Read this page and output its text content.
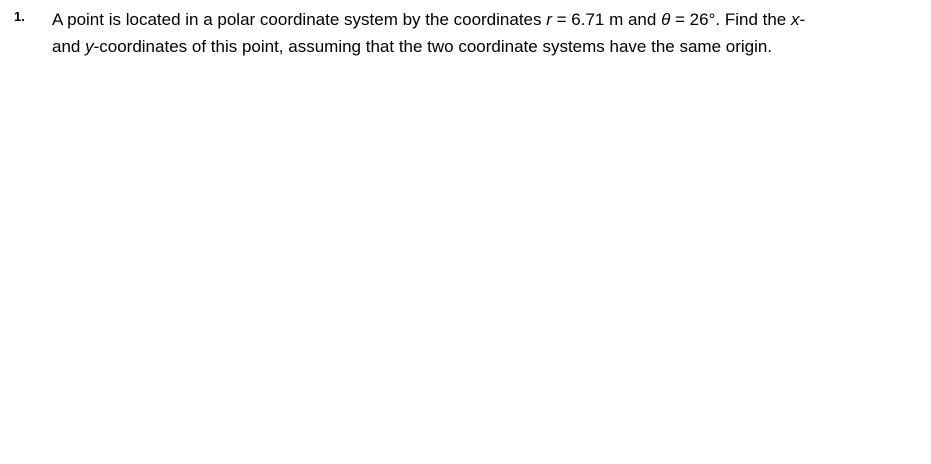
1. A point is located in a polar coordinate system by the coordinates r = 6.71 m and θ = 26°. Find the x-
and y-coordinates of this point, assuming that the two coordinate systems have the same origin.
